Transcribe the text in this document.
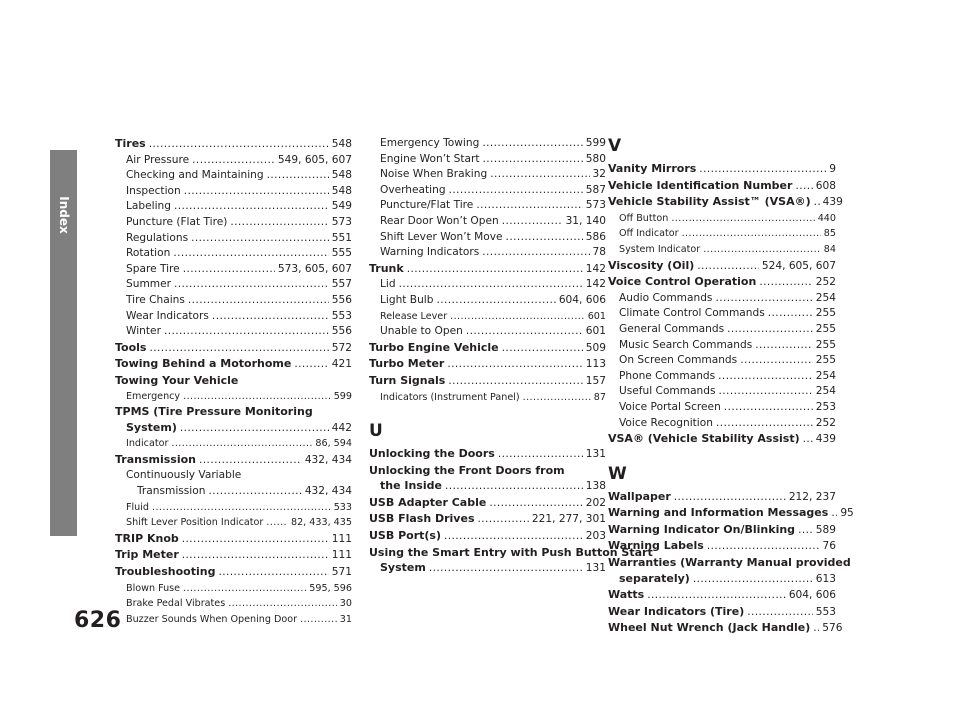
Index
626
Tires .....	548
Air Pressure .....	549, 605, 607
Checking and Maintaining .....	548
Inspection .....	548
Labeling .....	549
Puncture (Flat Tire) .....	573
Regulations .....	551
Rotation .....	555
Spare Tire .....	573, 605, 607
Summer .....	557
Tire Chains .....	556
Wear Indicators .....	553
Winter .....	556
Tools .....	572
Towing Behind a Motorhome .....	421
Towing Your Vehicle
Emergency .....	599
TPMS (Tire Pressure Monitoring
System) .....	442
Indicator .....	86, 594
Transmission .....	432, 434
Continuously Variable
Transmission .....	432, 434
Fluid .....	533
Shift Lever Position Indicator .....	82, 433, 435
TRIP Knob .....	111
Trip Meter .....	111
Troubleshooting .....	571
Blown Fuse .....	595, 596
Brake Pedal Vibrates .....	30
Buzzer Sounds When Opening Door .....	31
Emergency Towing .....	599
Engine Won’t Start .....	580
Noise When Braking .....	32
Overheating .....	587
Puncture/Flat Tire .....	573
Rear Door Won’t Open .....	31, 140
Shift Lever Won’t Move .....	586
Warning Indicators .....	78
Trunk .....	142
Lid .....	142
Light Bulb .....	604, 606
Release Lever .....	601
Unable to Open .....	601
Turbo Engine Vehicle .....	509
Turbo Meter .....	113
Turn Signals .....	157
Indicators (Instrument Panel) .....	87
U
Unlocking the Doors .....	131
Unlocking the Front Doors from
the Inside .....	138
USB Adapter Cable .....	202
USB Flash Drives .....	221, 277, 301
USB Port(s) .....	203
Using the Smart Entry with Push Button Start
System .....	131
V
Vanity Mirrors .....	9
Vehicle Identification Number ..... 608
Vehicle Stability Assist™ (VSA®) ..... 439
Off Button .....	440
Off Indicator .....	85
System Indicator .....	84
Viscosity (Oil) .....	524, 605, 607
Voice Control Operation .....	252
Audio Commands .....	254
Climate Control Commands .....	255
General Commands .....	255
Music Search Commands .....	255
On Screen Commands .....	255
Phone Commands .....	254
Useful Commands .....	254
Voice Portal Screen .....	253
Voice Recognition .....	252
VSA® (Vehicle Stability Assist) ..... 439
W
Wallpaper .....	212, 237
Warning and Information Messages ..... 95
Warning Indicator On/Blinking ..... 589
Warning Labels .....	76
Warranties (Warranty Manual provided
separately) .....	613
Watts .....	604, 606
Wear Indicators (Tire) .....	553
Wheel Nut Wrench (Jack Handle) ..... 576
